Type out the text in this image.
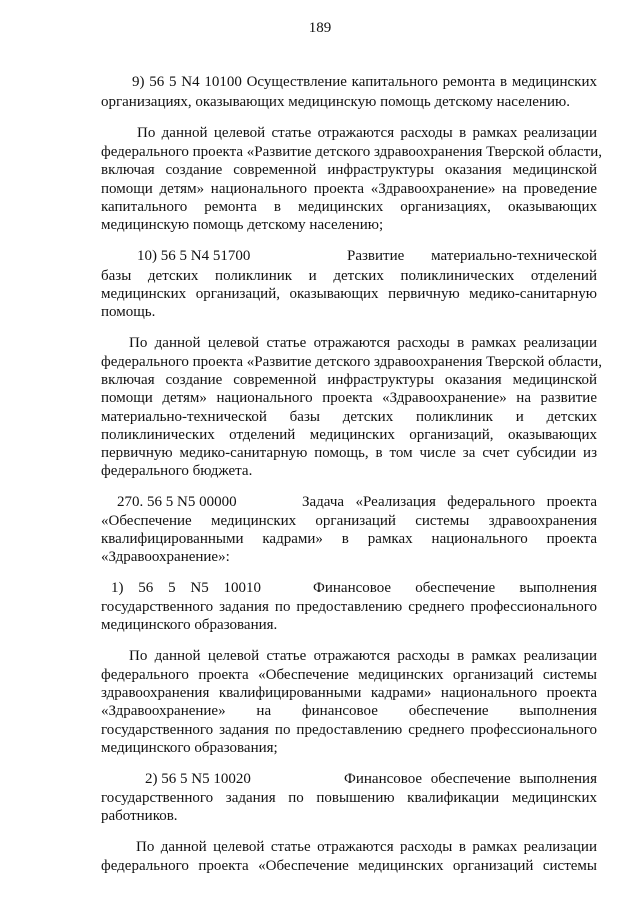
189
9) 56 5 N4 10100 Осуществление капитального ремонта в медицинских
организациях, оказывающих медицинскую помощь детскому населению.
По данной целевой статье отражаются расходы в рамках реализации
федерального проекта «Развитие детского здравоохранения Тверской области,
включая создание современной инфраструктуры оказания медицинской
помощи детям» национального проекта «Здравоохранение» на проведение
капитального ремонта в медицинских организациях, оказывающих
медицинскую помощь детскому населению;
10) 56 5 N4 51700	Развитие материально-технической
базы детских поликлиник и детских поликлинических отделений
медицинских организаций, оказывающих первичную медико-санитарную
помощь.
По данной целевой статье отражаются расходы в рамках реализации
федерального проекта «Развитие детского здравоохранения Тверской области,
включая создание современной инфраструктуры оказания медицинской
помощи детям» национального проекта «Здравоохранение» на развитие
материально-технической базы детских поликлиник и детских
поликлинических отделений медицинских организаций, оказывающих
первичную медико-санитарную помощь, в том числе за счет субсидии из
федерального бюджета.
270. 56 5 N5 00000	Задача «Реализация федерального проекта
«Обеспечение медицинских организаций системы здравоохранения
квалифицированными кадрами» в рамках национального проекта
«Здравоохранение»:
1) 56 5 N5 10010	Финансовое обеспечение выполнения
государственного задания по предоставлению среднего профессионального
медицинского образования.
По данной целевой статье отражаются расходы в рамках реализации
федерального проекта «Обеспечение медицинских организаций системы
здравоохранения квалифицированными кадрами» национального проекта
«Здравоохранение» на финансовое обеспечение выполнения
государственного задания по предоставлению среднего профессионального
медицинского образования;
2) 56 5 N5 10020	Финансовое обеспечение выполнения
государственного задания по повышению квалификации медицинских
работников.
По данной целевой статье отражаются расходы в рамках реализации
федерального проекта «Обеспечение медицинских организаций системы
